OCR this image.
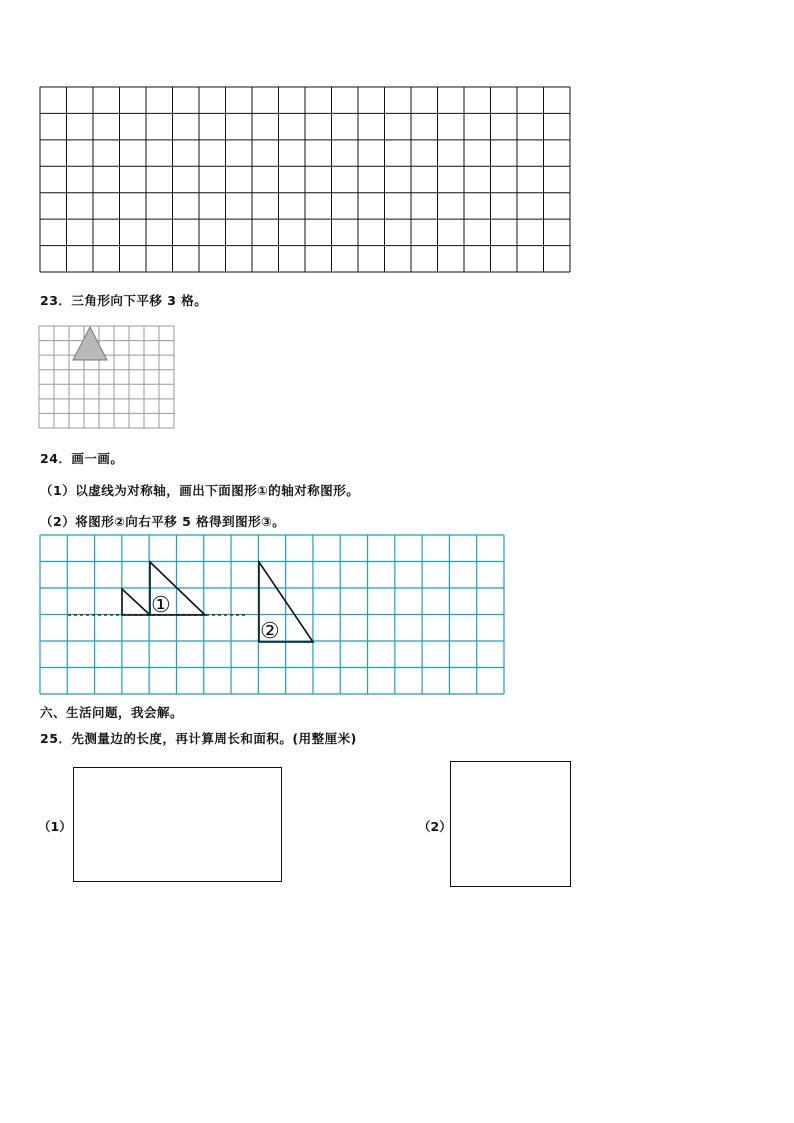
23．三角形向下平移 3 格。
24．画一画。
（1）以虚线为对称轴，画出下面图形①的轴对称图形。
（2）将图形②向右平移 5 格得到图形③。
①
②
六、生活问题，我会解。
25．先测量边的长度，再计算周长和面积。(用整厘米)
（1）	（2）
